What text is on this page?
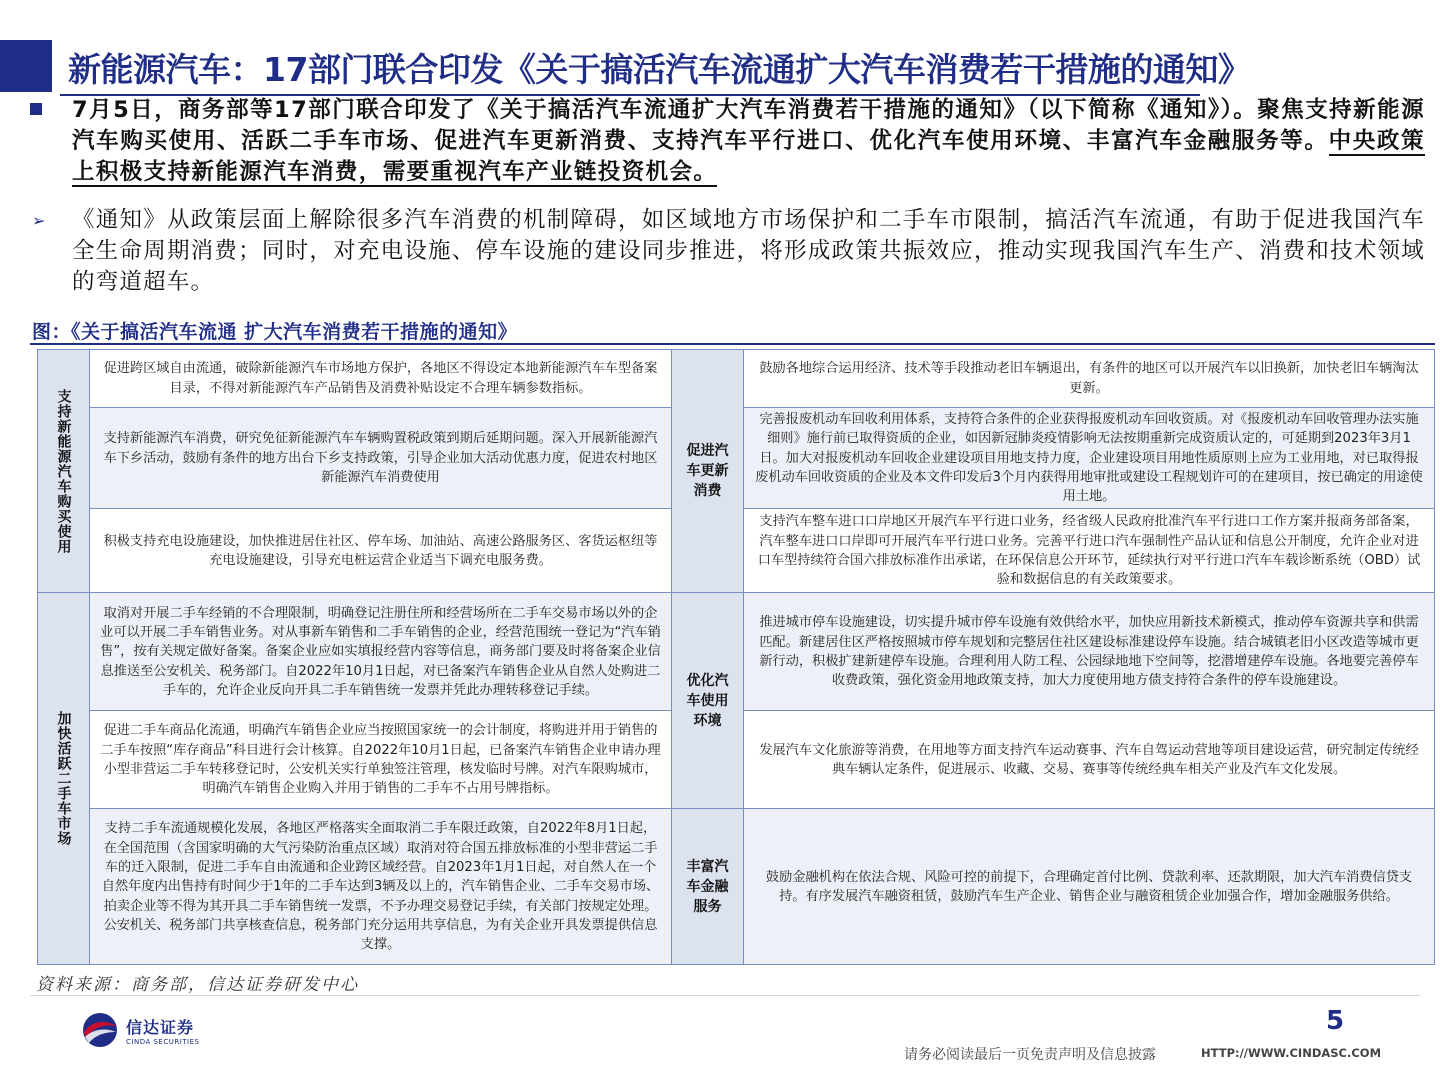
新能源汽车：17部门联合印发《关于搞活汽车流通扩大汽车消费若干措施的通知》

7月5日，商务部等17部门联合印发了《关于搞活汽车流通扩大汽车消费若干措施的通知》（以下简称《通知》）。聚焦支持新能源汽车购买使用、活跃二手车市场、促进汽车更新消费、支持汽车平行进口、优化汽车使用环境、丰富汽车金融服务等。中央政策上积极支持新能源汽车消费，需要重视汽车产业链投资机会。

➢ 《通知》从政策层面上解除很多汽车消费的机制障碍，如区域地方市场保护和二手车市限制，搞活汽车流通，有助于促进我国汽车全生命周期消费；同时，对充电设施、停车设施的建设同步推进，将形成政策共振效应，推动实现我国汽车生产、消费和技术领域的弯道超车。

图：《关于搞活汽车流通 扩大汽车消费若干措施的通知》
支持新能源汽车购买使用	促进跨区域自由流通，破除新能源汽车市场地方保护，各地区不得设定本地新能源汽车车型备案目录，不得对新能源汽车产品销售及消费补贴设定不合理车辆参数指标。	促进汽车更新消费	鼓励各地综合运用经济、技术等手段推动老旧车辆退出，有条件的地区可以开展汽车以旧换新，加快老旧车辆淘汰更新。
	支持新能源汽车消费，研究免征新能源汽车车辆购置税政策到期后延期问题。深入开展新能源汽车下乡活动，鼓励有条件的地方出台下乡支持政策，引导企业加大活动优惠力度，促进农村地区新能源汽车消费使用		完善报废机动车回收利用体系，支持符合条件的企业获得报废机动车回收资质。对《报废机动车回收管理办法实施细则》施行前已取得资质的企业，如因新冠肺炎疫情影响无法按期重新完成资质认定的，可延期到2023年3月1日。加大对报废机动车回收企业建设项目用地支持力度，企业建设项目用地性质原则上应为工业用地，对已取得报废机动车回收资质的企业及本文件印发后3个月内获得用地审批或建设工程规划许可的在建项目，按已确定的用途使用土地。
	积极支持充电设施建设，加快推进居住社区、停车场、加油站、高速公路服务区、客货运枢纽等充电设施建设，引导充电桩运营企业适当下调充电服务费。		支持汽车整车进口口岸地区开展汽车平行进口业务，经省级人民政府批准汽车平行进口工作方案并报商务部备案，汽车整车进口口岸即可开展汽车平行进口业务。完善平行进口汽车强制性产品认证和信息公开制度，允许企业对进口车型持续符合国六排放标准作出承诺，在环保信息公开环节，延续执行对平行进口汽车车载诊断系统（OBD）试验和数据信息的有关政策要求。
加快活跃二手车市场	取消对开展二手车经销的不合理限制，明确登记注册住所和经营场所在二手车交易市场以外的企业可以开展二手车销售业务。对从事新车销售和二手车销售的企业，经营范围统一登记为“汽车销售”，按有关规定做好备案。备案企业应如实填报经营内容等信息，商务部门要及时将备案企业信息推送至公安机关、税务部门。自2022年10月1日起，对已备案汽车销售企业从自然人处购进二手车的，允许企业反向开具二手车销售统一发票并凭此办理转移登记手续。	优化汽车使用环境	推进城市停车设施建设，切实提升城市停车设施有效供给水平，加快应用新技术新模式，推动停车资源共享和供需匹配。新建居住区严格按照城市停车规划和完整居住社区建设标准建设停车设施。结合城镇老旧小区改造等城市更新行动，积极扩建新建停车设施。合理利用人防工程、公园绿地地下空间等，挖潜增建停车设施。各地要完善停车收费政策，强化资金用地政策支持，加大力度使用地方债支持符合条件的停车设施建设。
	促进二手车商品化流通，明确汽车销售企业应当按照国家统一的会计制度，将购进并用于销售的二手车按照“库存商品”科目进行会计核算。自2022年10月1日起，已备案汽车销售企业申请办理小型非营运二手车转移登记时，公安机关实行单独签注管理，核发临时号牌。对汽车限购城市，明确汽车销售企业购入并用于销售的二手车不占用号牌指标。		发展汽车文化旅游等消费，在用地等方面支持汽车运动赛事、汽车自驾运动营地等项目建设运营，研究制定传统经典车辆认定条件，促进展示、收藏、交易、赛事等传统经典车相关产业及汽车文化发展。
	支持二手车流通规模化发展，各地区严格落实全面取消二手车限迁政策，自2022年8月1日起，在全国范围（含国家明确的大气污染防治重点区域）取消对符合国五排放标准的小型非营运二手车的迁入限制，促进二手车自由流通和企业跨区域经营。自2023年1月1日起，对自然人在一个自然年度内出售持有时间少于1年的二手车达到3辆及以上的，汽车销售企业、二手车交易市场、拍卖企业等不得为其开具二手车销售统一发票，不予办理交易登记手续，有关部门按规定处理。公安机关、税务部门共享核查信息，税务部门充分运用共享信息，为有关企业开具发票提供信息支撑。	丰富汽车金融服务	鼓励金融机构在依法合规、风险可控的前提下，合理确定首付比例、贷款利率、还款期限，加大汽车消费信贷支持。有序发展汽车融资租赁，鼓励汽车生产企业、销售企业与融资租赁企业加强合作，增加金融服务供给。
资料来源：商务部，信达证券研发中心
信达证券
CINDA SECURITIES
5
请务必阅读最后一页免责声明及信息披露	HTTP://WWW.CINDASC.COM
